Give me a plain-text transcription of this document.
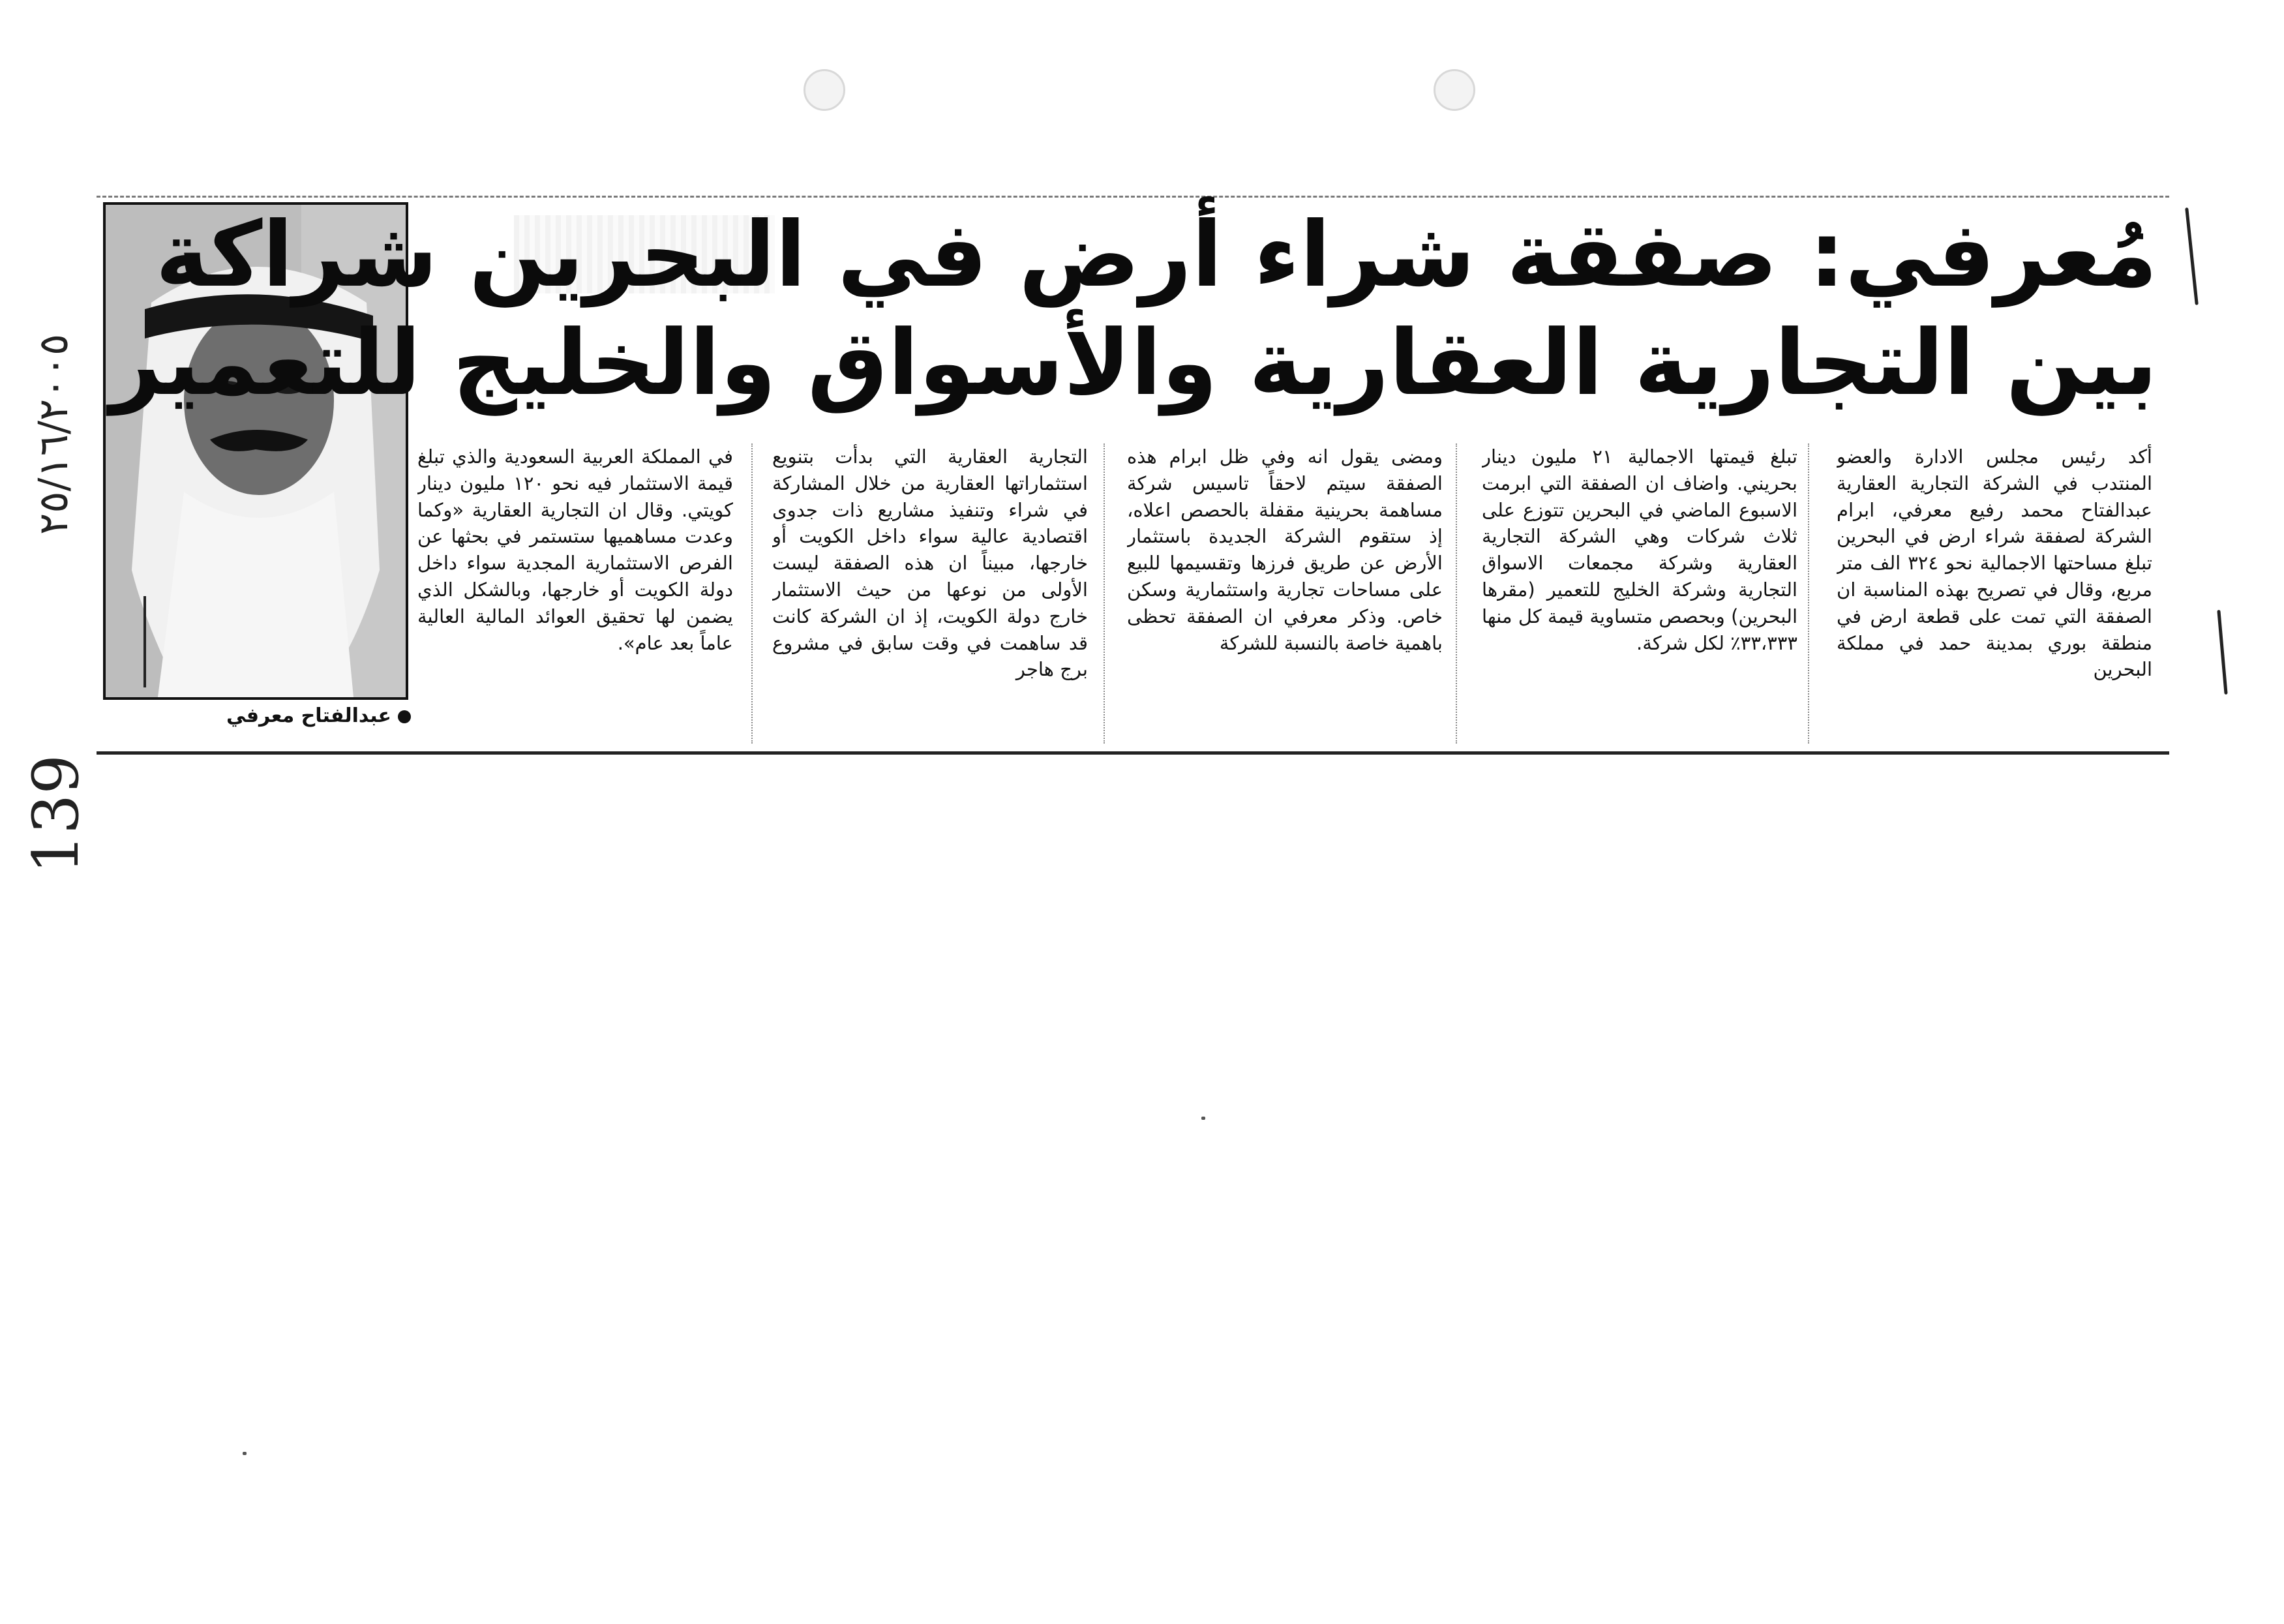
٢٥/١٦/٢٠٠٥
139
عبدالفتاح معرفي
مُعرفي: صفقة شراء أرض في البحرين شراكة
بين التجارية العقارية والأسواق والخليج للتعمير

أكد رئيس مجلس الادارة والعضو المنتدب في الشركة التجارية العقارية عبدالفتاح محمد رفيع معرفي، ابرام الشركة لصفقة شراء ارض في البحرين تبلغ مساحتها الاجمالية نحو ٣٢٤ الف متر مربع، وقال في تصريح بهذه المناسبة ان الصفقة التي تمت على قطعة ارض في منطقة بوري بمدينة حمد في مملكة البحرين

تبلغ قيمتها الاجمالية ٢١ مليون دينار بحريني. واضاف ان الصفقة التي ابرمت الاسبوع الماضي في البحرين تتوزع على ثلاث شركات وهي الشركة التجارية العقارية وشركة مجمعات الاسواق التجارية وشركة الخليج للتعمير (مقرها البحرين) وبحصص متساوية قيمة كل منها ٣٣،٣٣٣٪ لكل شركة.

ومضى يقول انه وفي ظل ابرام هذه الصفقة سيتم لاحقاً تاسيس شركة مساهمة بحرينية مقفلة بالحصص اعلاه، إذ ستقوم الشركة الجديدة باستثمار الأرض عن طريق فرزها وتقسيمها للبيع على مساحات تجارية واستثمارية وسكن خاص. وذكر معرفي ان الصفقة تحظى باهمية خاصة بالنسبة للشركة

التجارية العقارية التي بدأت بتنويع استثماراتها العقارية من خلال المشاركة في شراء وتنفيذ مشاريع ذات جدوى اقتصادية عالية سواء داخل الكويت أو خارجها، مبيناً ان هذه الصفقة ليست الأولى من نوعها من حيث الاستثمار خارج دولة الكويت، إذ ان الشركة كانت قد ساهمت في وقت سابق في مشروع برج هاجر

في المملكة العربية السعودية والذي تبلغ قيمة الاستثمار فيه نحو ١٢٠ مليون دينار كويتي. وقال ان التجارية العقارية «وكما وعدت مساهميها ستستمر في بحثها عن الفرص الاستثمارية المجدية سواء داخل دولة الكويت أو خارجها، وبالشكل الذي يضمن لها تحقيق العوائد المالية العالية عاماً بعد عام».
